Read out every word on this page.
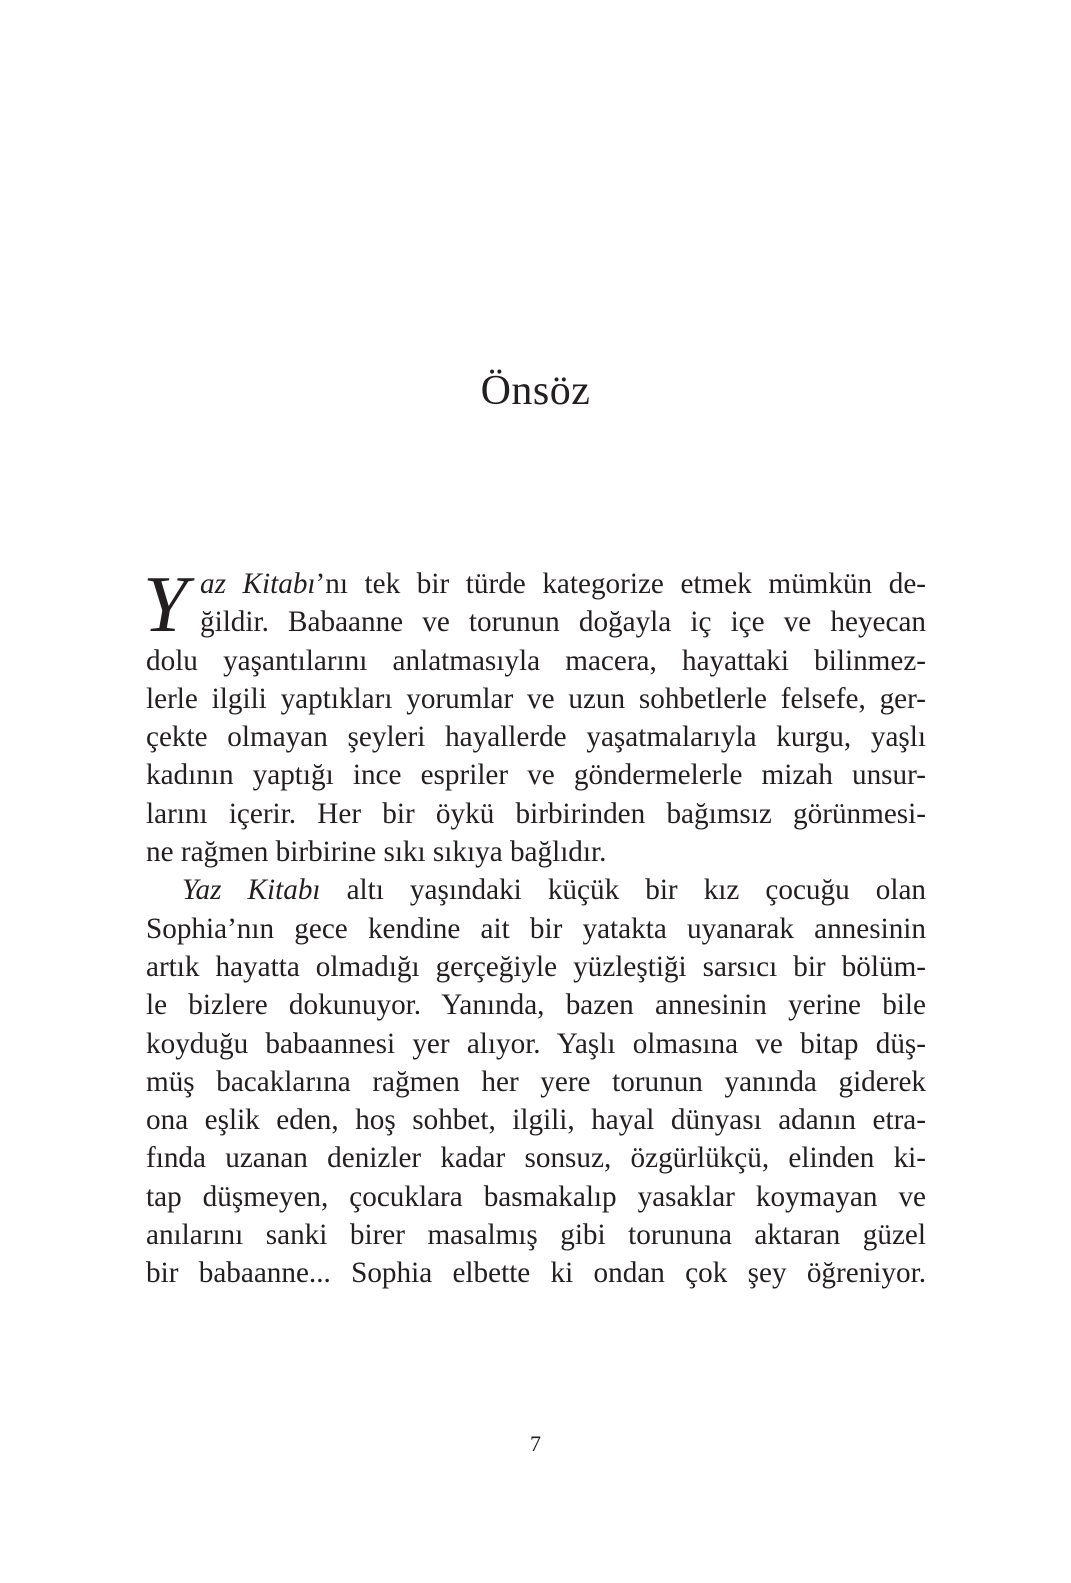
Önsöz
Y az Kitabı’nı tek bir türde kategorize etmek mümkün de-
ğildir. Babaanne ve torunun doğayla iç içe ve heyecan
dolu yaşantılarını anlatmasıyla macera, hayattaki bilinmez-
lerle ilgili yaptıkları yorumlar ve uzun sohbetlerle felsefe, ger-
çekte olmayan şeyleri hayallerde yaşatmalarıyla kurgu, yaşlı
kadının yaptığı ince espriler ve göndermelerle mizah unsur-
larını içerir. Her bir öykü birbirinden bağımsız görünmesi-
ne rağmen birbirine sıkı sıkıya bağlıdır.
Yaz Kitabı altı yaşındaki küçük bir kız çocuğu olan
Sophia’nın gece kendine ait bir yatakta uyanarak annesinin
artık hayatta olmadığı gerçeğiyle yüzleştiği sarsıcı bir bölüm-
le bizlere dokunuyor. Yanında, bazen annesinin yerine bile
koyduğu babaannesi yer alıyor. Yaşlı olmasına ve bitap düş-
müş bacaklarına rağmen her yere torunun yanında giderek
ona eşlik eden, hoş sohbet, ilgili, hayal dünyası adanın etra-
fında uzanan denizler kadar sonsuz, özgürlükçü, elinden ki-
tap düşmeyen, çocuklara basmakalıp yasaklar koymayan ve
anılarını sanki birer masalmış gibi torununa aktaran güzel
bir babaanne... Sophia elbette ki ondan çok şey öğreniyor.
7
